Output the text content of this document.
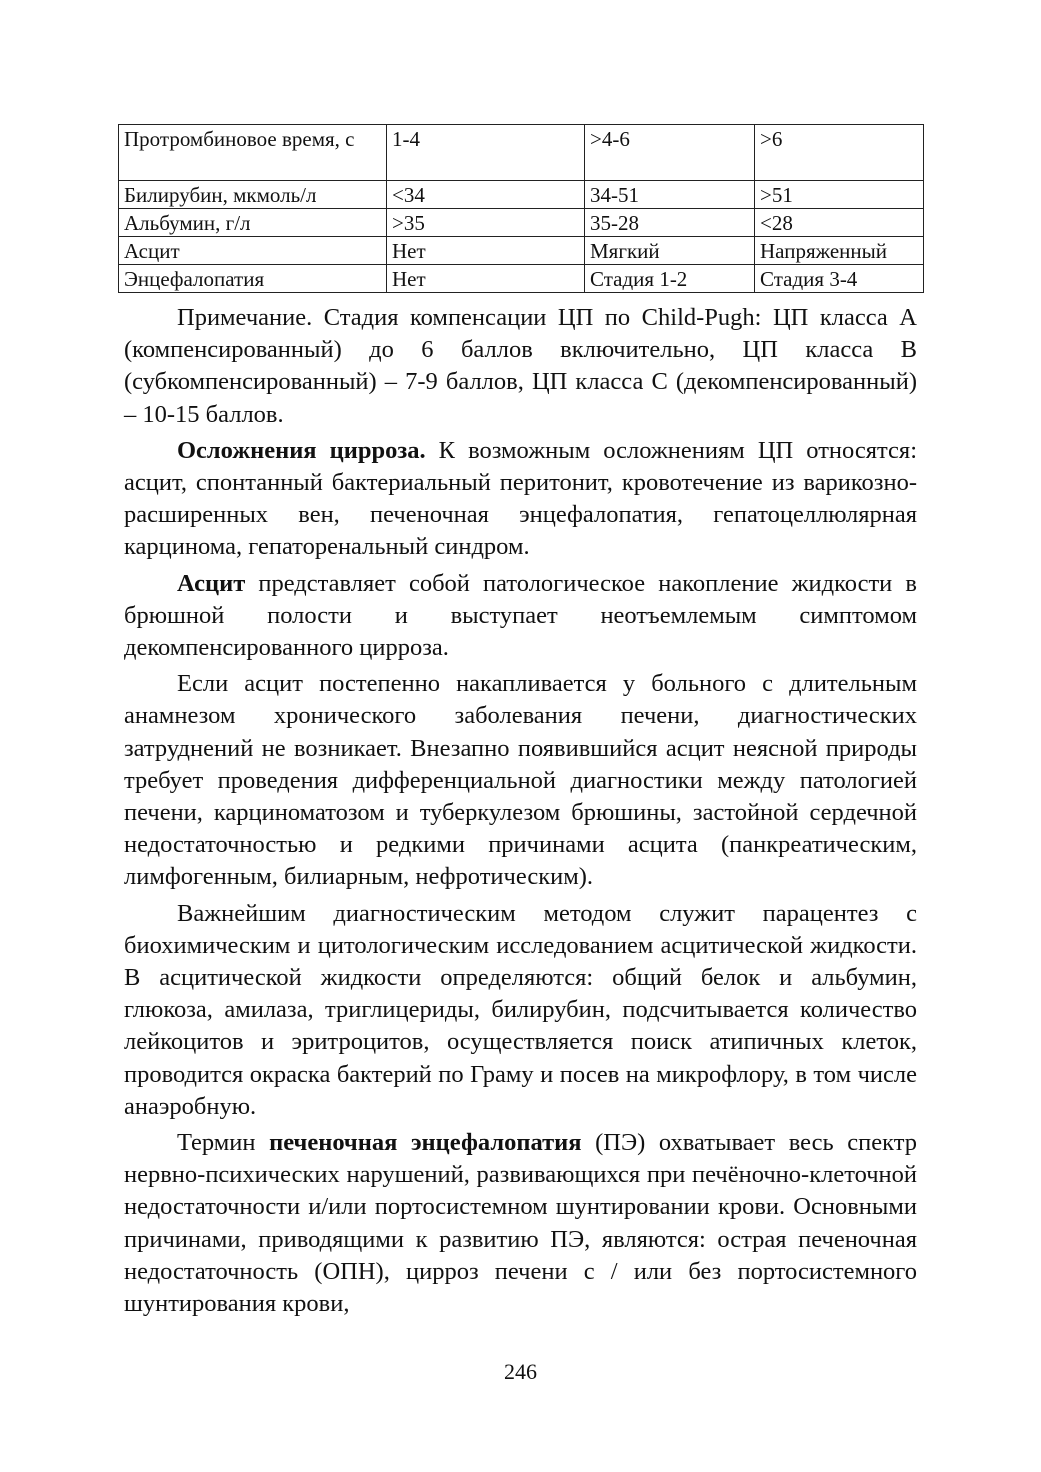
Протромбиновое время, с	1-4	>4-6	>6
Билирубин, мкмоль/л	<34	34-51	>51
Альбумин, г/л	>35	35-28	<28
Асцит	Нет	Мягкий	Напряженный
Энцефалопатия	Нет	Стадия 1-2	Стадия 3-4

Примечание. Стадия компенсации ЦП по Child-Pugh: ЦП класса А (компенсированный) до 6 баллов включительно, ЦП класса В (субкомпенсированный) – 7-9 баллов, ЦП класса С (декомпенсированный) – 10-15 баллов.

Осложнения цирроза. К возможным осложнениям ЦП относятся: асцит, спонтанный бактериальный перитонит, кровотечение из варикозно-расширенных вен, печеночная энцефалопатия, гепатоцеллюлярная карцинома, гепаторенальный синдром.

Асцит представляет собой патологическое накопление жидкости в брюшной полости и выступает неотъемлемым симптомом декомпенсированного цирроза.

Если асцит постепенно накапливается у больного с длительным анамнезом хронического заболевания печени, диагностических затруднений не возникает. Внезапно появившийся асцит неясной природы требует проведения дифференциальной диагностики между патологией печени, карциноматозом и туберкулезом брюшины, застойной сердечной недостаточностью и редкими причинами асцита (панкреатическим, лимфогенным, билиарным, нефротическим).

Важнейшим диагностическим методом служит парацентез с биохимическим и цитологическим исследованием асцитической жидкости. В асцитической жидкости определяются: общий белок и альбумин, глюкоза, амилаза, триглицериды, билирубин, подсчитывается количество лейкоцитов и эритроцитов, осуществляется поиск атипичных клеток, проводится окраска бактерий по Граму и посев на микрофлору, в том числе анаэробную.

Термин печеночная энцефалопатия (ПЭ) охватывает весь спектр нервно-психических нарушений, развивающихся при печёночно-клеточной недостаточности и/или портосистемном шунтировании крови. Основными причинами, приводящими к развитию ПЭ, являются: острая печеночная недостаточность (ОПН), цирроз печени с / или без портосистемного шунтирования крови,

246
